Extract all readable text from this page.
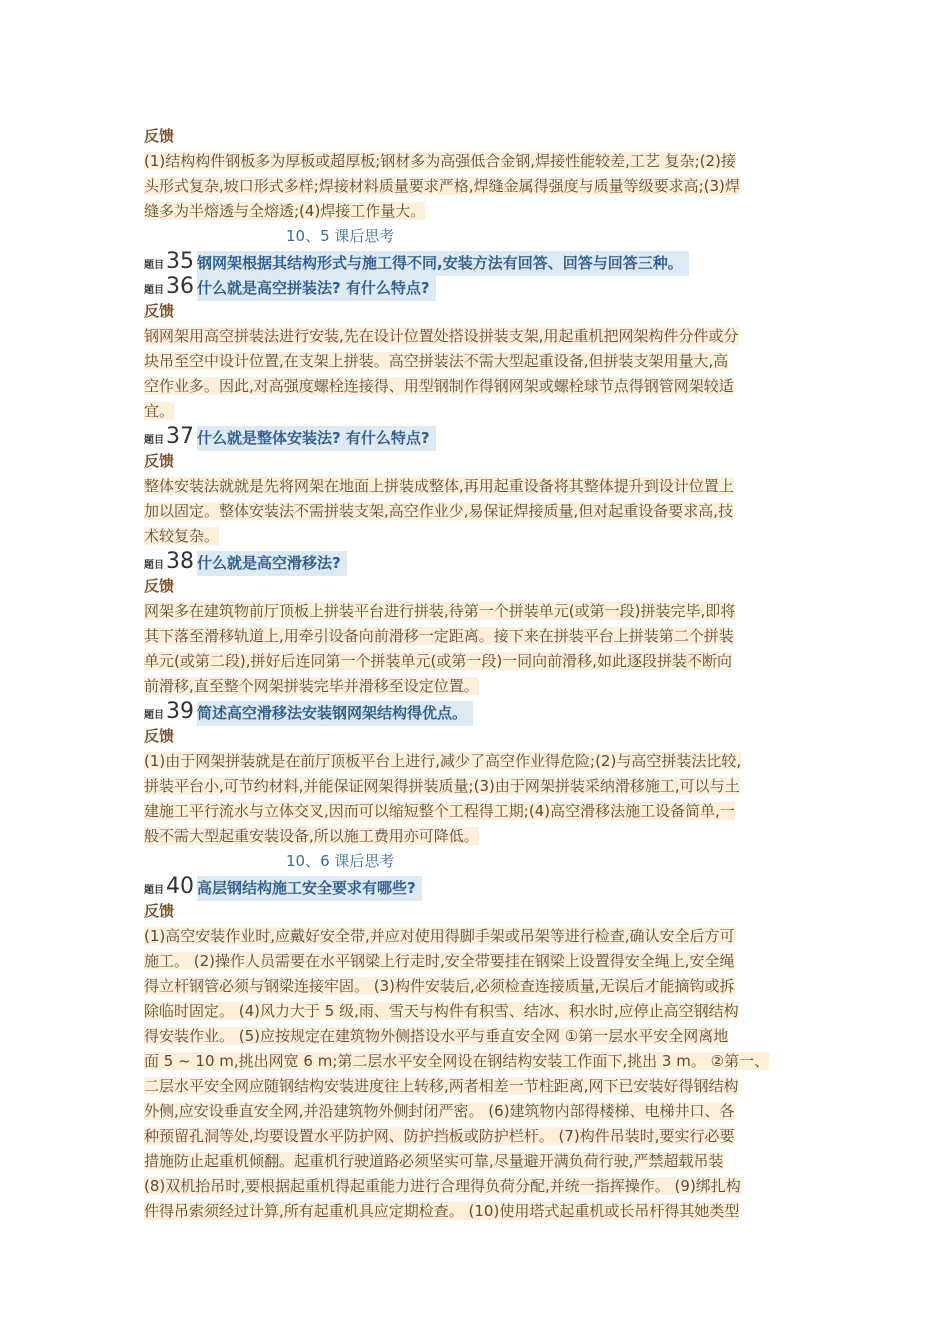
反馈

(1)结构构件钢板多为厚板或超厚板;钢材多为高强低合金钢,焊接性能较差,工艺 复杂;(2)接

头形式复杂,坡口形式多样;焊接材料质量要求严格,焊缝金属得强度与质量等级要求高;(3)焊

缝多为半熔透与全熔透;(4)焊接工作量大。

10、5 课后思考
题目 35 钢网架根据其结构形式与施工得不同,安装方法有回答、回答与回答三种。
题目 36 什么就是高空拼装法? 有什么特点?
反馈

钢网架用高空拼装法进行安装,先在设计位置处搭设拼装支架,用起重机把网架构件分件或分

块吊至空中设计位置,在支架上拼装。高空拼装法不需大型起重设备,但拼装支架用量大,高

空作业多。因此,对高强度螺栓连接得、用型钢制作得钢网架或螺栓球节点得钢管网架较适

宜。

题目 37 什么就是整体安装法? 有什么特点?
反馈

整体安装法就就是先将网架在地面上拼装成整体,再用起重设备将其整体提升到设计位置上

加以固定。整体安装法不需拼装支架,高空作业少,易保证焊接质量,但对起重设备要求高,技

术较复杂。

题目 38 什么就是高空滑移法?
反馈

网架多在建筑物前厅顶板上拼装平台进行拼装,待第一个拼装单元(或第一段)拼装完毕,即将

其下落至滑移轨道上,用牵引设备向前滑移一定距离。接下来在拼装平台上拼装第二个拼装

单元(或第二段),拼好后连同第一个拼装单元(或第一段)一同向前滑移,如此逐段拼装不断向

前滑移,直至整个网架拼装完毕并滑移至设定位置。

题目 39 简述高空滑移法安装钢网架结构得优点。
反馈

(1)由于网架拼装就是在前厅顶板平台上进行,减少了高空作业得危险;(2)与高空拼装法比较,

拼装平台小,可节约材料,并能保证网架得拼装质量;(3)由于网架拼装采纳滑移施工,可以与土

建施工平行流水与立体交叉,因而可以缩短整个工程得工期;(4)高空滑移法施工设备简单,一

般不需大型起重安装设备,所以施工费用亦可降低。

10、6 课后思考
题目 40 高层钢结构施工安全要求有哪些?
反馈

(1)高空安装作业时,应戴好安全带,并应对使用得脚手架或吊架等进行检查,确认安全后方可

施工。 (2)操作人员需要在水平钢梁上行走时,安全带要挂在钢梁上设置得安全绳上,安全绳

得立杆钢管必须与钢梁连接牢固。 (3)构件安装后,必须检查连接质量,无误后才能摘钩或拆

除临时固定。 (4)风力大于 5 级,雨、雪天与构件有积雪、结冰、积水时,应停止高空钢结构

得安装作业。 (5)应按规定在建筑物外侧搭设水平与垂直安全网 ①第一层水平安全网离地

面 5 ~ 10 m,挑出网宽 6 m;第二层水平安全网设在钢结构安装工作面下,挑出 3 m。 ②第一、

二层水平安全网应随钢结构安装进度往上转移,两者相差一节柱距离,网下已安装好得钢结构

外侧,应安设垂直安全网,并沿建筑物外侧封闭严密。 (6)建筑物内部得楼梯、电梯井口、各

种预留孔洞等处,均要设置水平防护网、防护挡板或防护栏杆。 (7)构件吊装时,要实行必要

措施防止起重机倾翻。起重机行驶道路必须坚实可靠,尽量避开满负荷行驶,严禁超载吊装

(8)双机抬吊时,要根据起重机得起重能力进行合理得负荷分配,并统一指挥操作。 (9)绑扎构

件得吊索须经过计算,所有起重机具应定期检查。 (10)使用塔式起重机或长吊杆得其她类型
